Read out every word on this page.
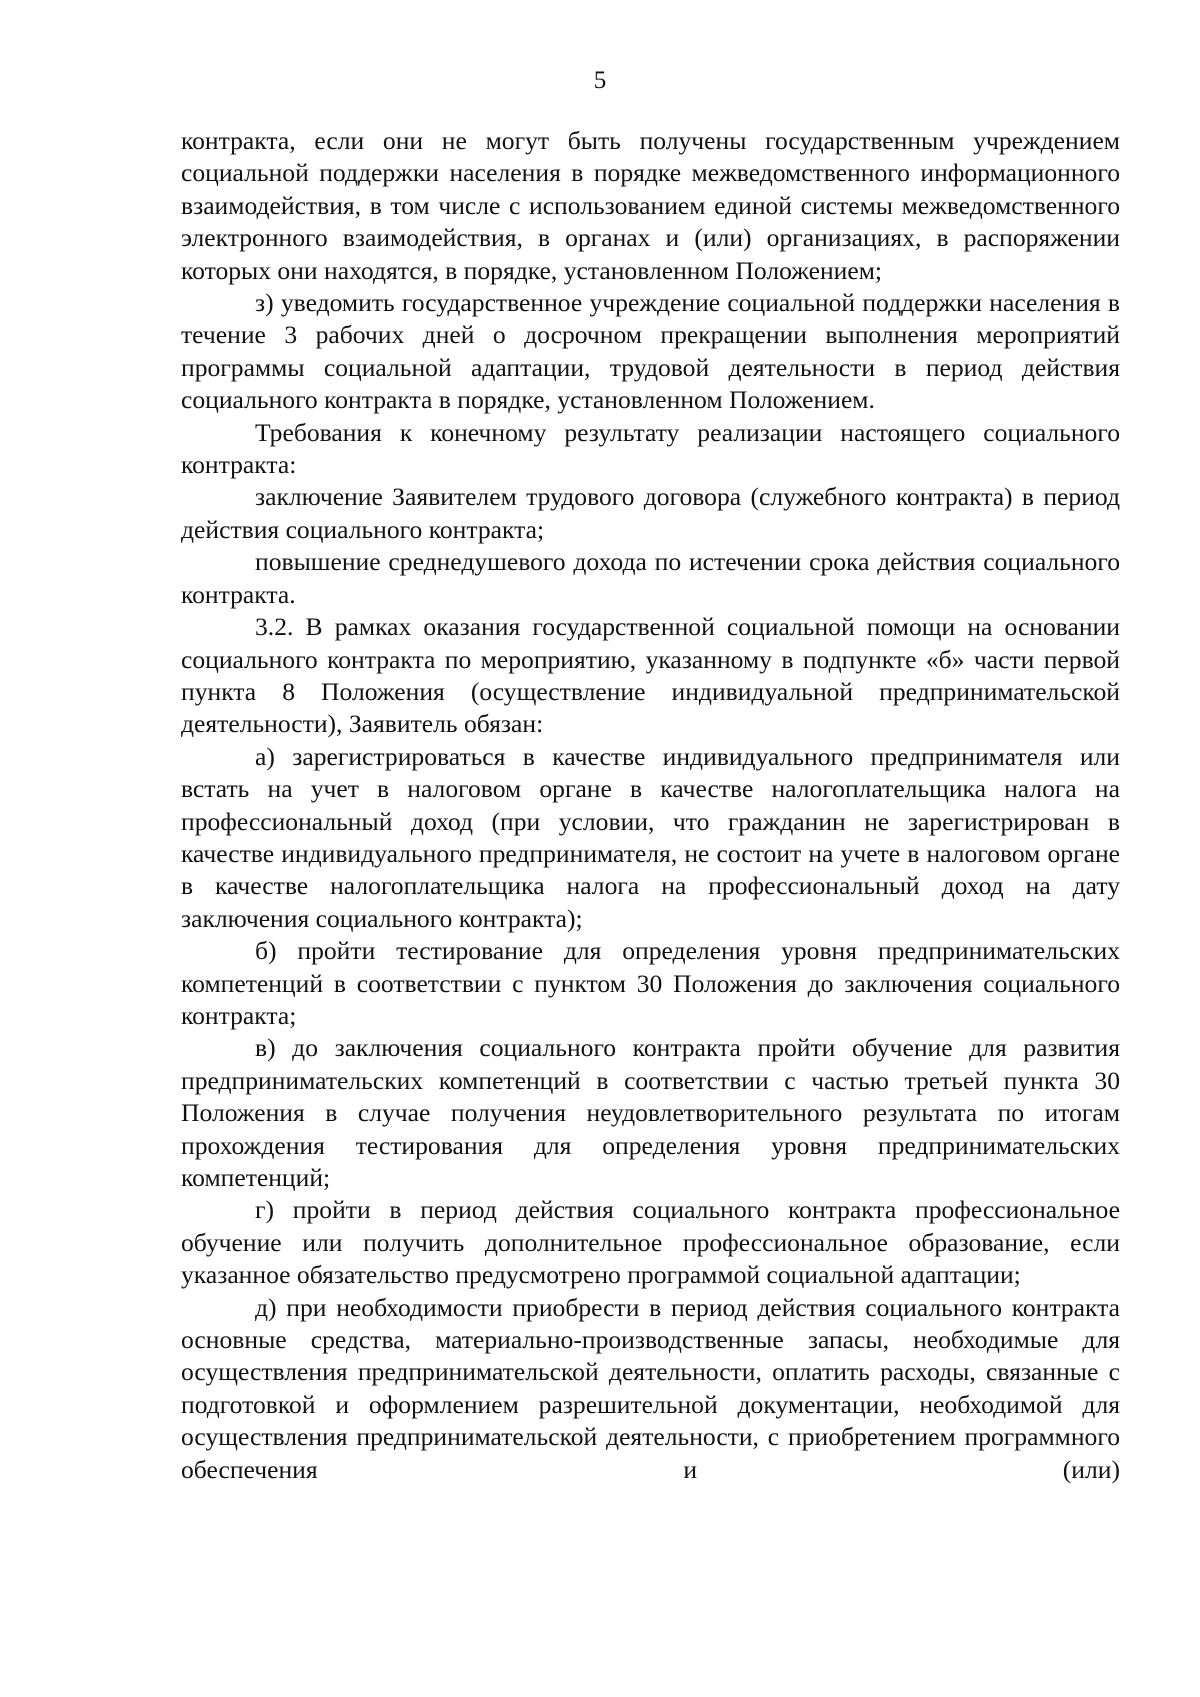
5

контракта, если они не могут быть получены государственным учреждением социальной поддержки населения в порядке межведомственного информационного взаимодействия, в том числе с использованием единой системы межведомственного электронного взаимодействия, в органах и (или) организациях, в распоряжении которых они находятся, в порядке, установленном Положением;

з) уведомить государственное учреждение социальной поддержки населения в течение 3 рабочих дней о досрочном прекращении выполнения мероприятий программы социальной адаптации, трудовой деятельности в период действия социального контракта в порядке, установленном Положением.

Требования к конечному результату реализации настоящего социального контракта:

заключение Заявителем трудового договора (служебного контракта) в период действия социального контракта;

повышение среднедушевого дохода по истечении срока действия социального контракта.

3.2. В рамках оказания государственной социальной помощи на основании социального контракта по мероприятию, указанному в подпункте «б» части первой пункта 8 Положения (осуществление индивидуальной предпринимательской деятельности), Заявитель обязан:

а) зарегистрироваться в качестве индивидуального предпринимателя или встать на учет в налоговом органе в качестве налогоплательщика налога на профессиональный доход (при условии, что гражданин не зарегистрирован в качестве индивидуального предпринимателя, не состоит на учете в налоговом органе в качестве налогоплательщика налога на профессиональный доход на дату заключения социального контракта);

б) пройти тестирование для определения уровня предпринимательских компетенций в соответствии с пунктом 30 Положения до заключения социального контракта;

в) до заключения социального контракта пройти обучение для развития предпринимательских компетенций в соответствии с частью третьей пункта 30 Положения в случае получения неудовлетворительного результата по итогам прохождения тестирования для определения уровня предпринимательских компетенций;

г) пройти в период действия социального контракта профессиональное обучение или получить дополнительное профессиональное образование, если указанное обязательство предусмотрено программой социальной адаптации;

д) при необходимости приобрести в период действия социального контракта основные средства, материально-производственные запасы, необходимые для осуществления предпринимательской деятельности, оплатить расходы, связанные с подготовкой и оформлением разрешительной документации, необходимой для осуществления предпринимательской деятельности, с приобретением программного обеспечения и (или)
